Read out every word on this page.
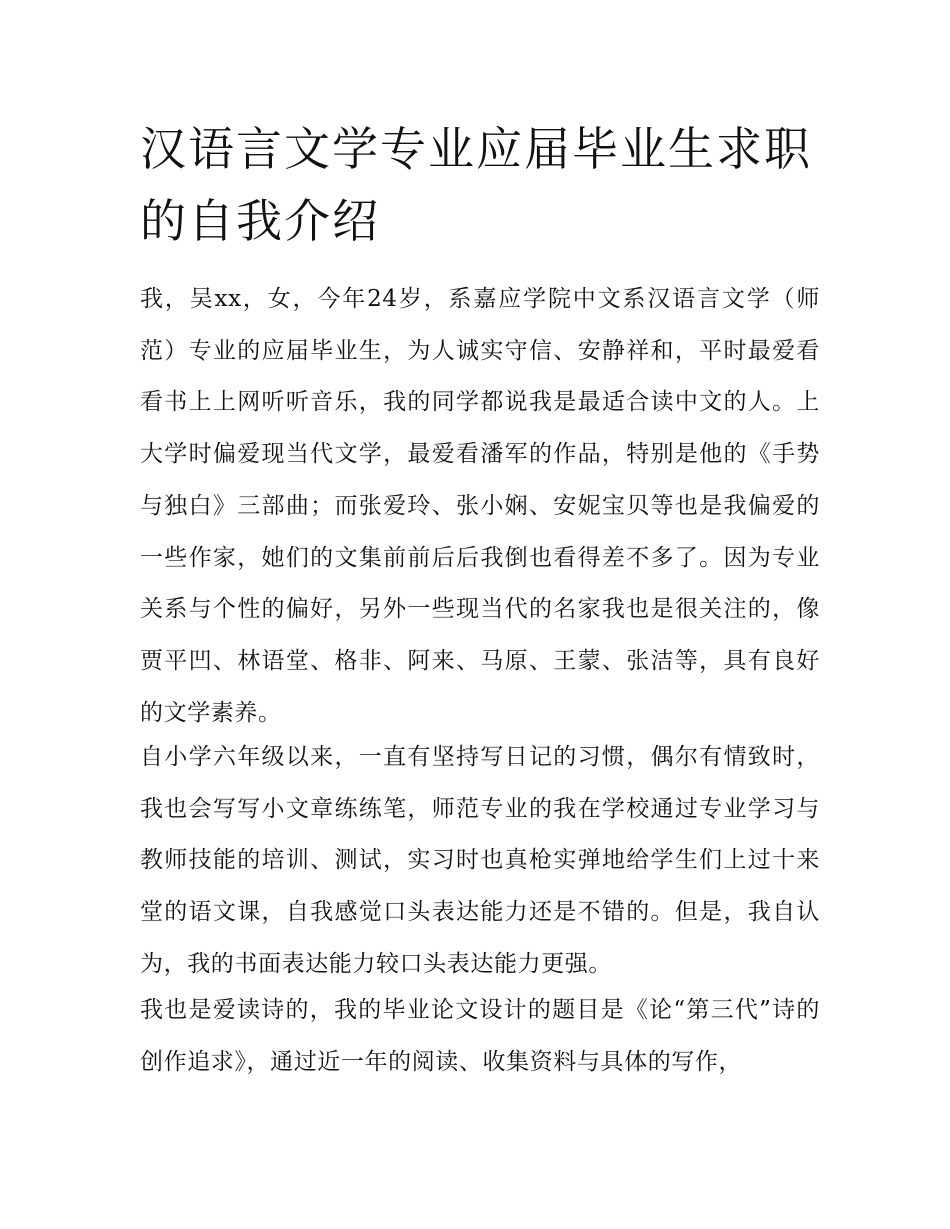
汉语言文学专业应届毕业生求职的自我介绍

我，吴xx，女，今年24岁，系嘉应学院中文系汉语言文学（师范）专业的应届毕业生，为人诚实守信、安静祥和，平时最爱看看书上上网听听音乐，我的同学都说我是最适合读中文的人。上大学时偏爱现当代文学，最爱看潘军的作品，特别是他的《手势与独白》三部曲；而张爱玲、张小娴、安妮宝贝等也是我偏爱的一些作家，她们的文集前前后后我倒也看得差不多了。因为专业关系与个性的偏好，另外一些现当代的名家我也是很关注的，像贾平凹、林语堂、格非、阿来、马原、王蒙、张洁等，具有良好的文学素养。

自小学六年级以来，一直有坚持写日记的习惯，偶尔有情致时，我也会写写小文章练练笔，师范专业的我在学校通过专业学习与教师技能的培训、测试，实习时也真枪实弹地给学生们上过十来堂的语文课，自我感觉口头表达能力还是不错的。但是，我自认为，我的书面表达能力较口头表达能力更强。

我也是爱读诗的，我的毕业论文设计的题目是《论“第三代”诗的创作追求》，通过近一年的阅读、收集资料与具体的写作，
